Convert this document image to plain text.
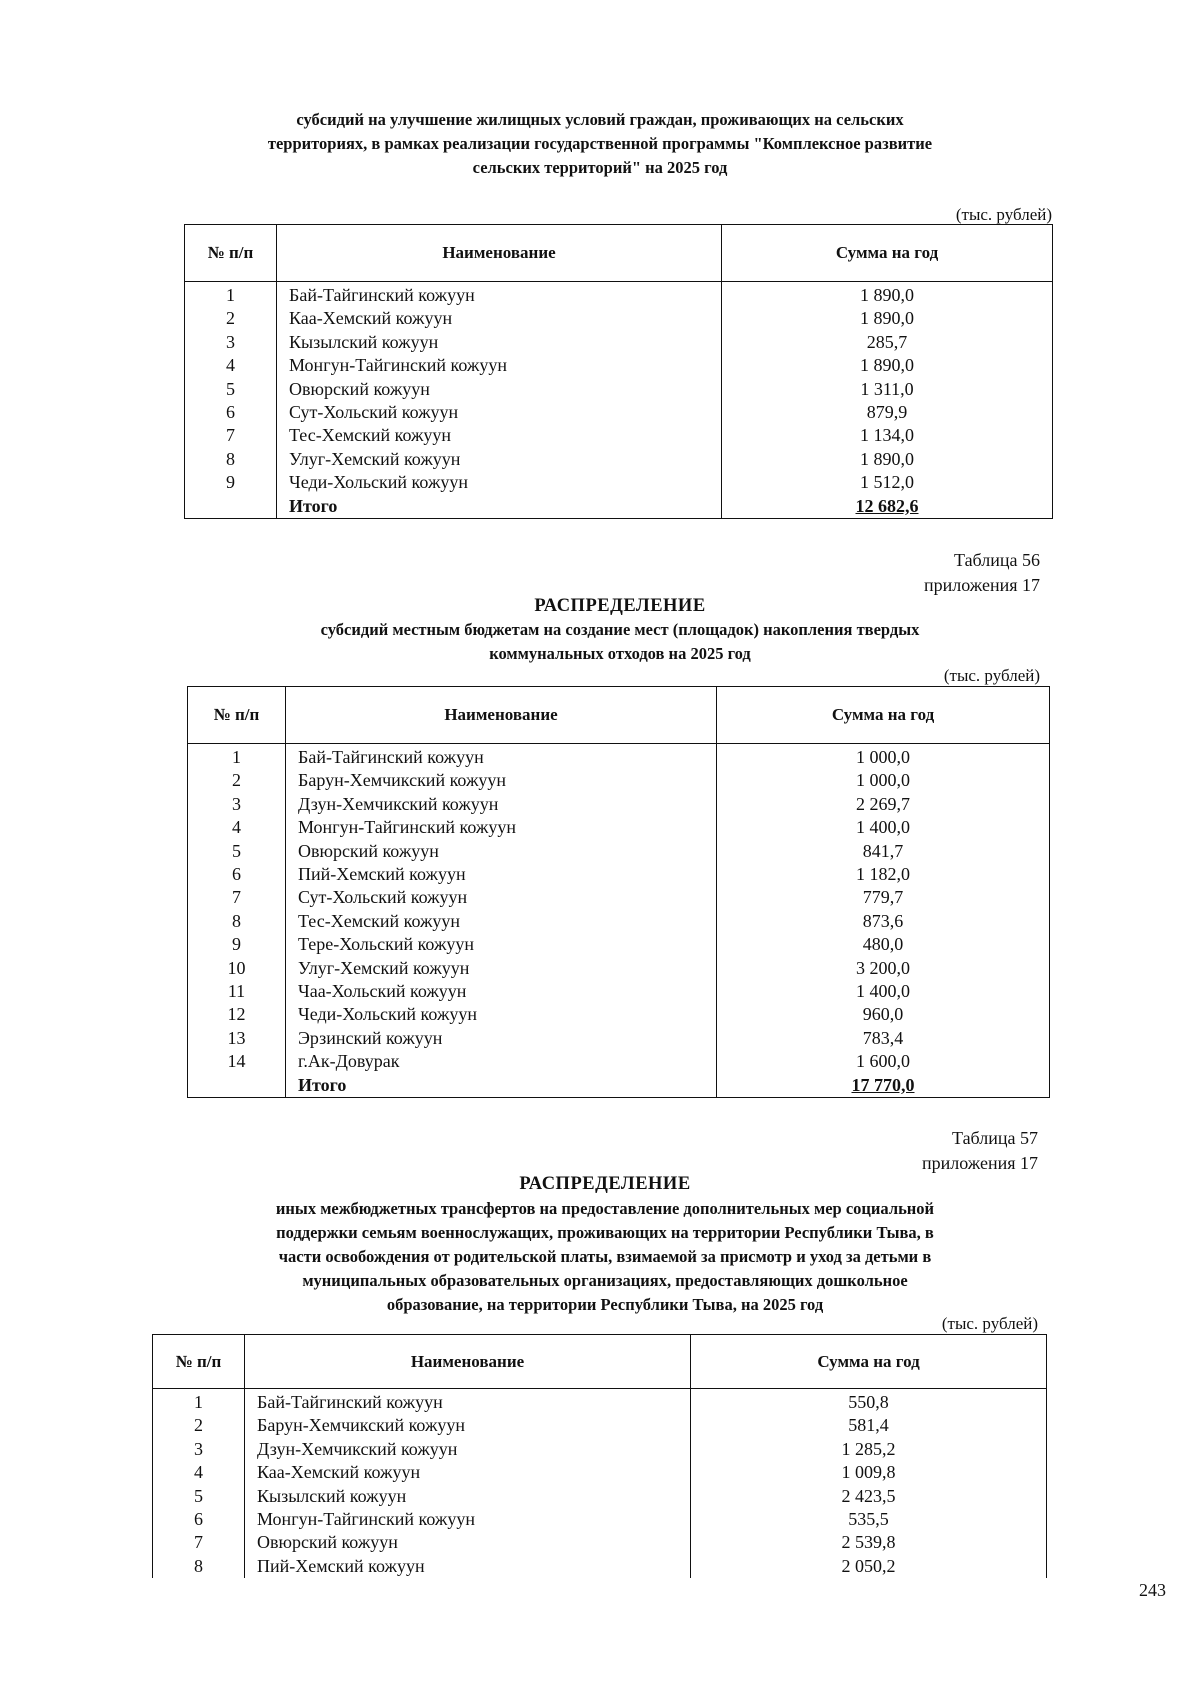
субсидий на улучшение жилищных условий граждан, проживающих на сельских
территориях, в рамках реализации государственной программы "Комплексное развитие
сельских территорий" на 2025 год
(тыс. рублей)
№ п/п	Наименование	Сумма на год
1	Бай-Тайгинский кожуун	1 890,0
2	Каа-Хемский кожуун	1 890,0
3	Кызылский кожуун	285,7
4	Монгун-Тайгинский кожуун	1 890,0
5	Овюрский кожуун	1 311,0
6	Сут-Хольский кожуун	879,9
7	Тес-Хемский кожуун	1 134,0
8	Улуг-Хемский кожуун	1 890,0
9	Чеди-Хольский кожуун	1 512,0
	Итого	12 682,6
Таблица 56
приложения 17
РАСПРЕДЕЛЕНИЕ
субсидий местным бюджетам на создание мест (площадок) накопления твердых
коммунальных отходов на 2025 год
(тыс. рублей)
№ п/п	Наименование	Сумма на год
1	Бай-Тайгинский кожуун	1 000,0
2	Барун-Хемчикский кожуун	1 000,0
3	Дзун-Хемчикский кожуун	2 269,7
4	Монгун-Тайгинский кожуун	1 400,0
5	Овюрский кожуун	841,7
6	Пий-Хемский кожуун	1 182,0
7	Сут-Хольский кожуун	779,7
8	Тес-Хемский кожуун	873,6
9	Тере-Хольский кожуун	480,0
10	Улуг-Хемский кожуун	3 200,0
11	Чаа-Хольский кожуун	1 400,0
12	Чеди-Хольский кожуун	960,0
13	Эрзинский кожуун	783,4
14	г.Ак-Довурак	1 600,0
	Итого	17 770,0
Таблица 57
приложения 17
РАСПРЕДЕЛЕНИЕ
иных межбюджетных трансфертов на предоставление дополнительных мер социальной
поддержки семьям военнослужащих, проживающих на территории Республики Тыва, в
части освобождения от родительской платы, взимаемой за присмотр и уход за детьми в
муниципальных образовательных организациях, предоставляющих дошкольное
образование, на территории Республики Тыва, на 2025 год
(тыс. рублей)
№ п/п	Наименование	Сумма на год
1	Бай-Тайгинский кожуун	550,8
2	Барун-Хемчикский кожуун	581,4
3	Дзун-Хемчикский кожуун	1 285,2
4	Каа-Хемский кожуун	1 009,8
5	Кызылский кожуун	2 423,5
6	Монгун-Тайгинский кожуун	535,5
7	Овюрский кожуун	2 539,8
8	Пий-Хемский кожуун	2 050,2
243
